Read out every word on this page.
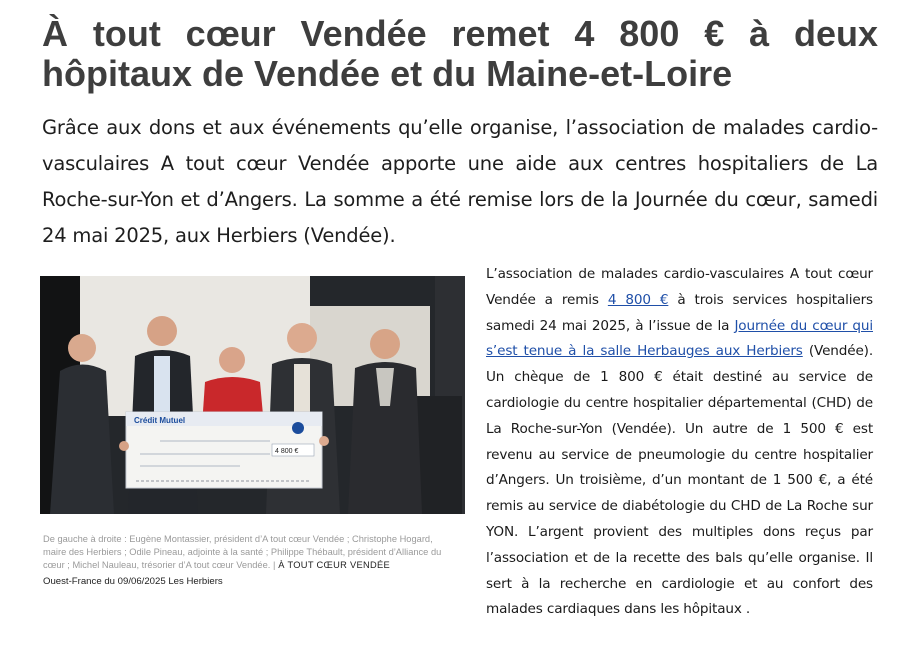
À tout cœur Vendée remet 4 800 € à deux
hôpitaux de Vendée et du Maine-et-Loire

Grâce aux dons et aux événements qu’elle organise, l’association de malades cardio-vasculaires A tout cœur Vendée apporte une aide aux centres hospitaliers de La Roche-sur-Yon et d’Angers. La somme a été remise lors de la Journée du cœur, samedi 24 mai 2025, aux Herbiers (Vendée).

Crédit Mutuel
4 800 €

De gauche à droite : Eugène Montassier, président d’A tout cœur Vendée ; Christophe Hogard, maire des Herbiers ; Odile Pineau, adjointe à la santé ; Philippe Thébault, président d’Alliance du cœur ; Michel Nauleau, trésorier d’A tout cœur Vendée. | À TOUT CŒUR VENDÉE

Ouest-France du 09/06/2025 Les Herbiers

L’association de malades cardio-vasculaires A tout cœur Vendée a remis 4 800 € à trois services hospitaliers samedi 24 mai 2025, à l’issue de la Journée du cœur qui s’est tenue à la salle Herbauges aux Herbiers (Vendée). Un chèque de 1 800 € était destiné au service de cardiologie du centre hospitalier départemental (CHD) de La Roche-sur-Yon (Vendée). Un autre de 1 500 € est revenu au service de pneumologie du centre hospitalier d’Angers. Un troisième, d’un montant de 1 500 €, a été remis au service de diabétologie du CHD de La Roche sur YON. L’argent provient des multiples dons reçus par l’association et de la recette des bals qu’elle organise. Il sert à la recherche en cardiologie et au confort des malades cardiaques dans les hôpitaux .
